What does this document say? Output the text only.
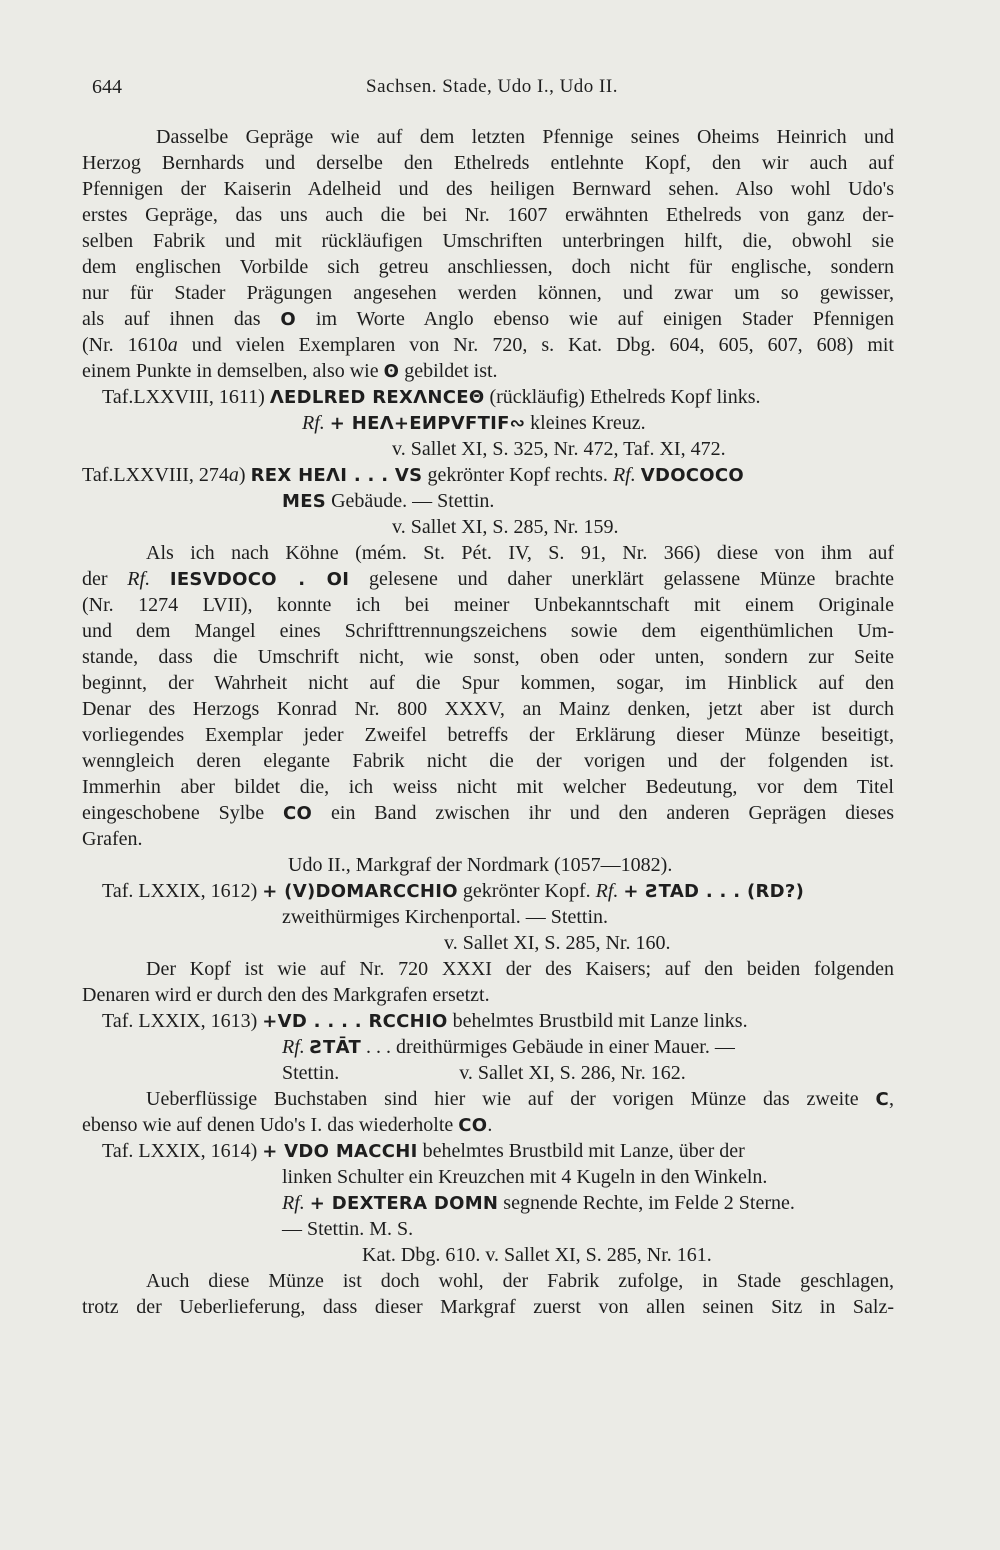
644	Sachsen. Stade, Udo I., Udo II.
Dasselbe Gepräge wie auf dem letzten Pfennige seines Oheims Heinrich und
Herzog Bernhards und derselbe den Ethelreds entlehnte Kopf, den wir auch auf
Pfennigen der Kaiserin Adelheid und des heiligen Bernward sehen. Also wohl Udo's
erstes Gepräge, das uns auch die bei Nr. 1607 erwähnten Ethelreds von ganz der-
selben Fabrik und mit rückläufigen Umschriften unterbringen hilft, die, obwohl sie
dem englischen Vorbilde sich getreu anschliessen, doch nicht für englische, sondern
nur für Stader Prägungen angesehen werden können, und zwar um so gewisser,
als auf ihnen das O im Worte Anglo ebenso wie auf einigen Stader Pfennigen
(Nr. 1610a und vielen Exemplaren von Nr. 720, s. Kat. Dbg. 604, 605, 607, 608) mit
einem Punkte in demselben, also wie ʘ gebildet ist.
Taf.LXXVIII, 1611) ΛEDLRED REXΛNCEΘ (rückläufig) Ethelreds Kopf links.
Rf. + HEΛ+EИPVFTIF∾ kleines Kreuz.
v. Sallet XI, S. 325, Nr. 472, Taf. XI, 472.
Taf.LXXVIII, 274a) REX HEΛI . . . VS gekrönter Kopf rechts. Rf. VDOCOCO
MES Gebäude. — Stettin.
v. Sallet XI, S. 285, Nr. 159.
Als ich nach Köhne (mém. St. Pét. IV, S. 91, Nr. 366) diese von ihm auf
der Rf. IESVDOCO . OI gelesene und daher unerklärt gelassene Münze brachte
(Nr. 1274 LVII), konnte ich bei meiner Unbekanntschaft mit einem Originale
und dem Mangel eines Schrifttrennungszeichens sowie dem eigenthümlichen Um-
stande, dass die Umschrift nicht, wie sonst, oben oder unten, sondern zur Seite
beginnt, der Wahrheit nicht auf die Spur kommen, sogar, im Hinblick auf den
Denar des Herzogs Konrad Nr. 800 XXXV, an Mainz denken, jetzt aber ist durch
vorliegendes Exemplar jeder Zweifel betreffs der Erklärung dieser Münze beseitigt,
wenngleich deren elegante Fabrik nicht die der vorigen und der folgenden ist.
Immerhin aber bildet die, ich weiss nicht mit welcher Bedeutung, vor dem Titel
eingeschobene Sylbe CO ein Band zwischen ihr und den anderen Geprägen dieses
Grafen.
Udo II., Markgraf der Nordmark (1057—1082).
Taf. LXXIX, 1612) + (V)DOMARCCHIO gekrönter Kopf. Rf. + ƧTAD . . . (RD?)
zweithürmiges Kirchenportal. — Stettin.
v. Sallet XI, S. 285, Nr. 160.
Der Kopf ist wie auf Nr. 720 XXXI der des Kaisers; auf den beiden folgenden
Denaren wird er durch den des Markgrafen ersetzt.
Taf. LXXIX, 1613) +VD . . . . RCCHIO behelmtes Brustbild mit Lanze links.
Rf. ƧTĀT . . . dreithürmiges Gebäude in einer Mauer. —
Stettin.	v. Sallet XI, S. 286, Nr. 162.
Ueberflüssige Buchstaben sind hier wie auf der vorigen Münze das zweite C,
ebenso wie auf denen Udo's I. das wiederholte CO.
Taf. LXXIX, 1614) + VDO MACCHI behelmtes Brustbild mit Lanze, über der
linken Schulter ein Kreuzchen mit 4 Kugeln in den Winkeln.
Rf. + DEXTERA DOMN segnende Rechte, im Felde 2 Sterne.
— Stettin. M. S.
Kat. Dbg. 610. v. Sallet XI, S. 285, Nr. 161.
Auch diese Münze ist doch wohl, der Fabrik zufolge, in Stade geschlagen,
trotz der Ueberlieferung, dass dieser Markgraf zuerst von allen seinen Sitz in Salz-
